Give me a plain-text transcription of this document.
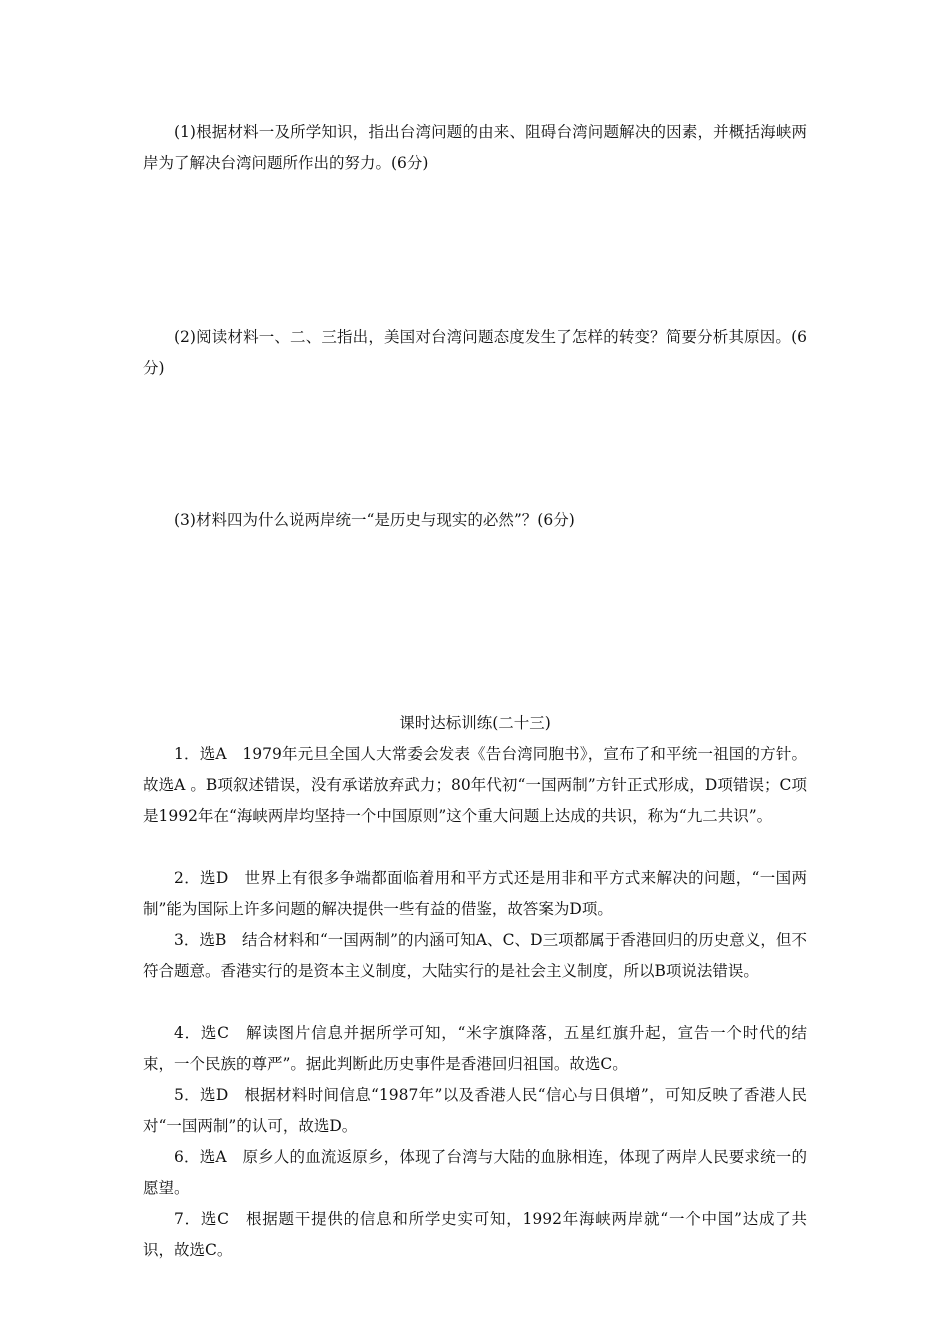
(1)根据材料一及所学知识，指出台湾问题的由来、阻碍台湾问题解决的因素，并概括海峡两岸为了解决台湾问题所作出的努力。(6分)

(2)阅读材料一、二、三指出，美国对台湾问题态度发生了怎样的转变？简要分析其原因。(6分)

(3)材料四为什么说两岸统一“是历史与现实的必然”？(6分)

课时达标训练(二十三)

1．选A　1979年元旦全国人大常委会发表《告台湾同胞书》，宣布了和平统一祖国的方针。故选A 。B项叙述错误，没有承诺放弃武力；80年代初“一国两制”方针正式形成，D项错误；C项是1992年在“海峡两岸均坚持一个中国原则”这个重大问题上达成的共识，称为“九二共识”。

2．选D　世界上有很多争端都面临着用和平方式还是用非和平方式来解决的问题，“一国两制”能为国际上许多问题的解决提供一些有益的借鉴，故答案为D项。

3．选B　结合材料和“一国两制”的内涵可知A、C、D三项都属于香港回归的历史意义，但不符合题意。香港实行的是资本主义制度，大陆实行的是社会主义制度，所以B项说法错误。

4．选C　解读图片信息并据所学可知，“米字旗降落，五星红旗升起，宣告一个时代的结束，一个民族的尊严”。据此判断此历史事件是香港回归祖国。故选C。

5．选D　根据材料时间信息“1987年”以及香港人民“信心与日俱增”，可知反映了香港人民对“一国两制”的认可，故选D。

6．选A　原乡人的血流返原乡，体现了台湾与大陆的血脉相连，体现了两岸人民要求统一的愿望。

7．选C　根据题干提供的信息和所学史实可知，1992年海峡两岸就“一个中国”达成了共识，故选C。
